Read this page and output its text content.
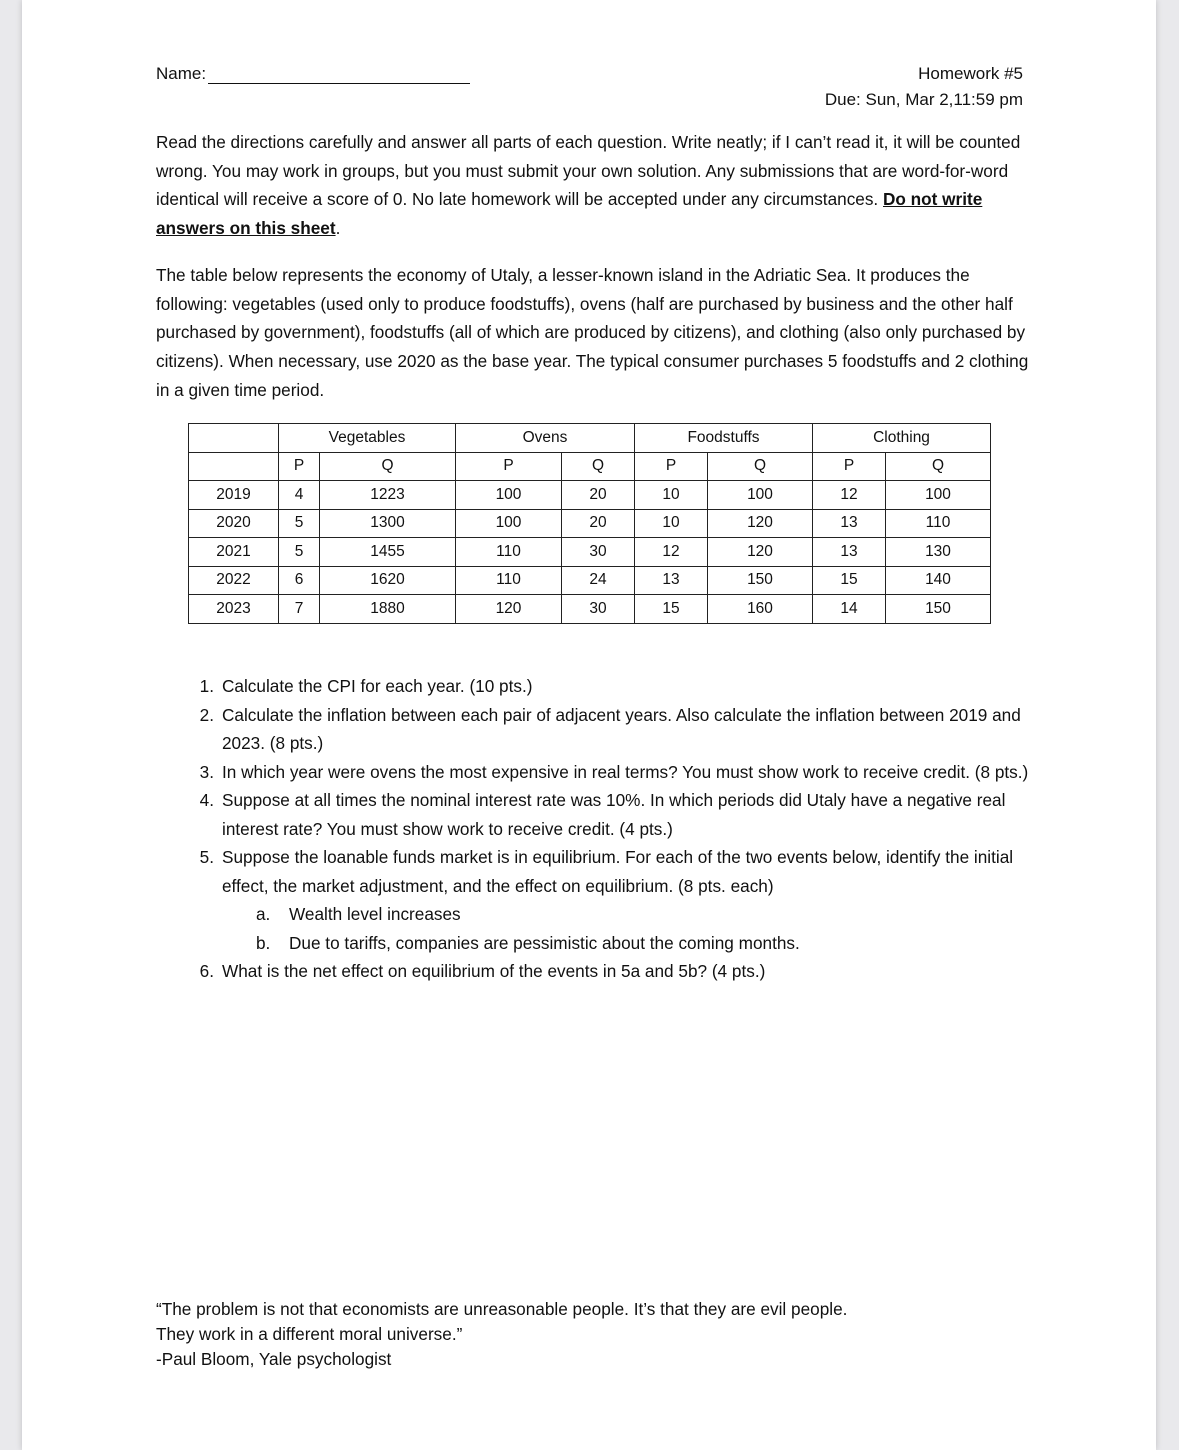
Name:	Homework #5
Due: Sun, Mar 2,11:59 pm
Read the directions carefully and answer all parts of each question. Write neatly; if I can’t read it, it will be counted wrong. You may work in groups, but you must submit your own solution. Any submissions that are word-for-word identical will receive a score of 0. No late homework will be accepted under any circumstances. Do not write answers on this sheet.
The table below represents the economy of Utaly, a lesser-known island in the Adriatic Sea. It produces the following: vegetables (used only to produce foodstuffs), ovens (half are purchased by business and the other half purchased by government), foodstuffs (all of which are produced by citizens), and clothing (also only purchased by citizens). When necessary, use 2020 as the base year. The typical consumer purchases 5 foodstuffs and 2 clothing in a given time period.
	Vegetables		Ovens		Foodstuffs		Clothing	
	P	Q	P	Q	P	Q	P	Q
2019	4	1223	100	20	10	100	12	100
2020	5	1300	100	20	10	120	13	110
2021	5	1455	110	30	12	120	13	130
2022	6	1620	110	24	13	150	15	140
2023	7	1880	120	30	15	160	14	150
1. Calculate the CPI for each year. (10 pts.)
2. Calculate the inflation between each pair of adjacent years. Also calculate the inflation between 2019 and 2023. (8 pts.)
3. In which year were ovens the most expensive in real terms? You must show work to receive credit. (8 pts.)
4. Suppose at all times the nominal interest rate was 10%. In which periods did Utaly have a negative real interest rate? You must show work to receive credit. (4 pts.)
5. Suppose the loanable funds market is in equilibrium. For each of the two events below, identify the initial effect, the market adjustment, and the effect on equilibrium. (8 pts. each)
a. Wealth level increases
b. Due to tariffs, companies are pessimistic about the coming months.
6. What is the net effect on equilibrium of the events in 5a and 5b? (4 pts.)
“The problem is not that economists are unreasonable people. It’s that they are evil people.
They work in a different moral universe.”
-Paul Bloom, Yale psychologist
